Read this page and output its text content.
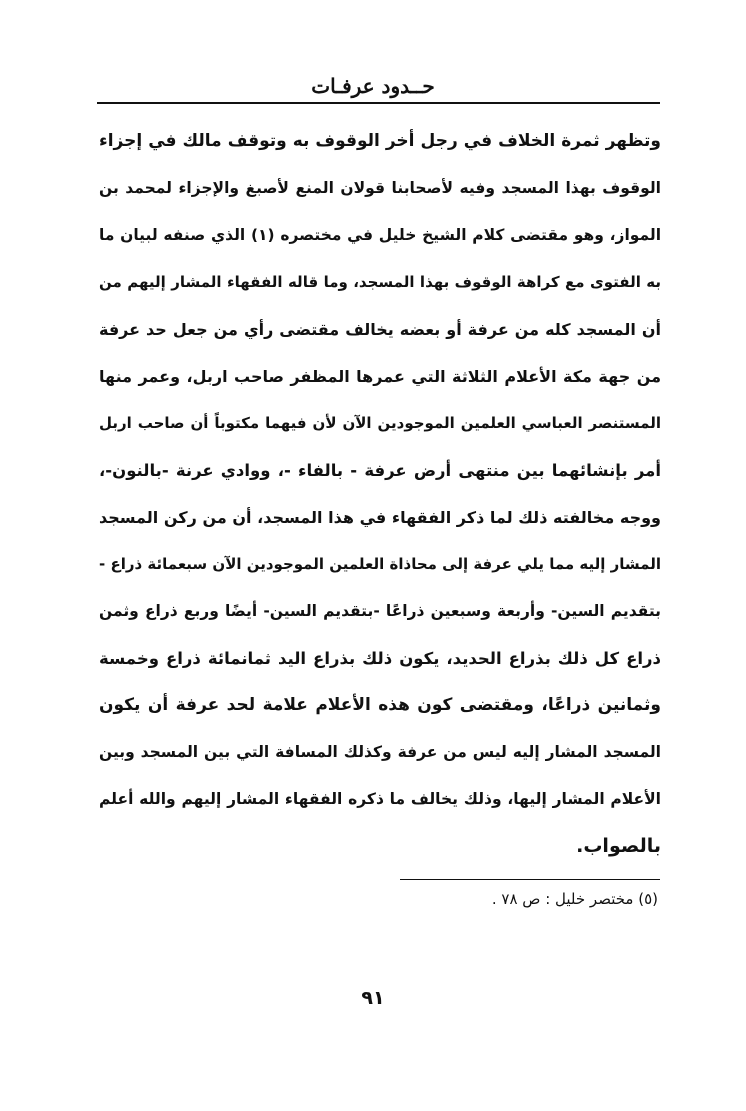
حــدود عرفـات
وتظهر ثمرة الخلاف في رجل أخر الوقوف به وتوقف مالك في إجزاء
الوقوف بهذا المسجد وفيه لأصحابنا قولان المنع لأصبغ والإجزاء لمحمد بن
المواز، وهو مقتضى كلام الشيخ خليل في مختصره (١) الذي صنفه لبيان ما
به الفتوى مع كراهة الوقوف بهذا المسجد، وما قاله الفقهاء المشار إليهم من
أن المسجد كله من عرفة أو بعضه يخالف مقتضى رأي من جعل حد عرفة
من جهة مكة الأعلام الثلاثة التي عمرها المظفر صاحب اربل، وعمر منها
المستنصر العباسي العلمين الموجودين الآن لأن فيهما مكتوباً أن صاحب اربل
أمر بإنشائهما بين منتهى أرض عرفة - بالفاء -، ووادي عرنة -بالنون-،
ووجه مخالفته ذلك لما ذكر الفقهاء في هذا المسجد، أن من ركن المسجد
المشار إليه مما يلي عرفة إلى محاذاة العلمين الموجودين الآن سبعمائة ذراع -
بتقديم السين- وأربعة وسبعين ذراعًا -بتقديم السين- أيضًا وربع ذراع وثمن
ذراع كل ذلك بذراع الحديد، يكون ذلك بذراع اليد ثمانمائة ذراع وخمسة
وثمانين ذراعًا، ومقتضى كون هذه الأعلام علامة لحد عرفة أن يكون
المسجد المشار إليه ليس من عرفة وكذلك المسافة التي بين المسجد وبين
الأعلام المشار إليها، وذلك يخالف ما ذكره الفقهاء المشار إليهم والله أعلم
بالصواب.
(٥) مختصر خليل : ص ٧٨ .
٩١
